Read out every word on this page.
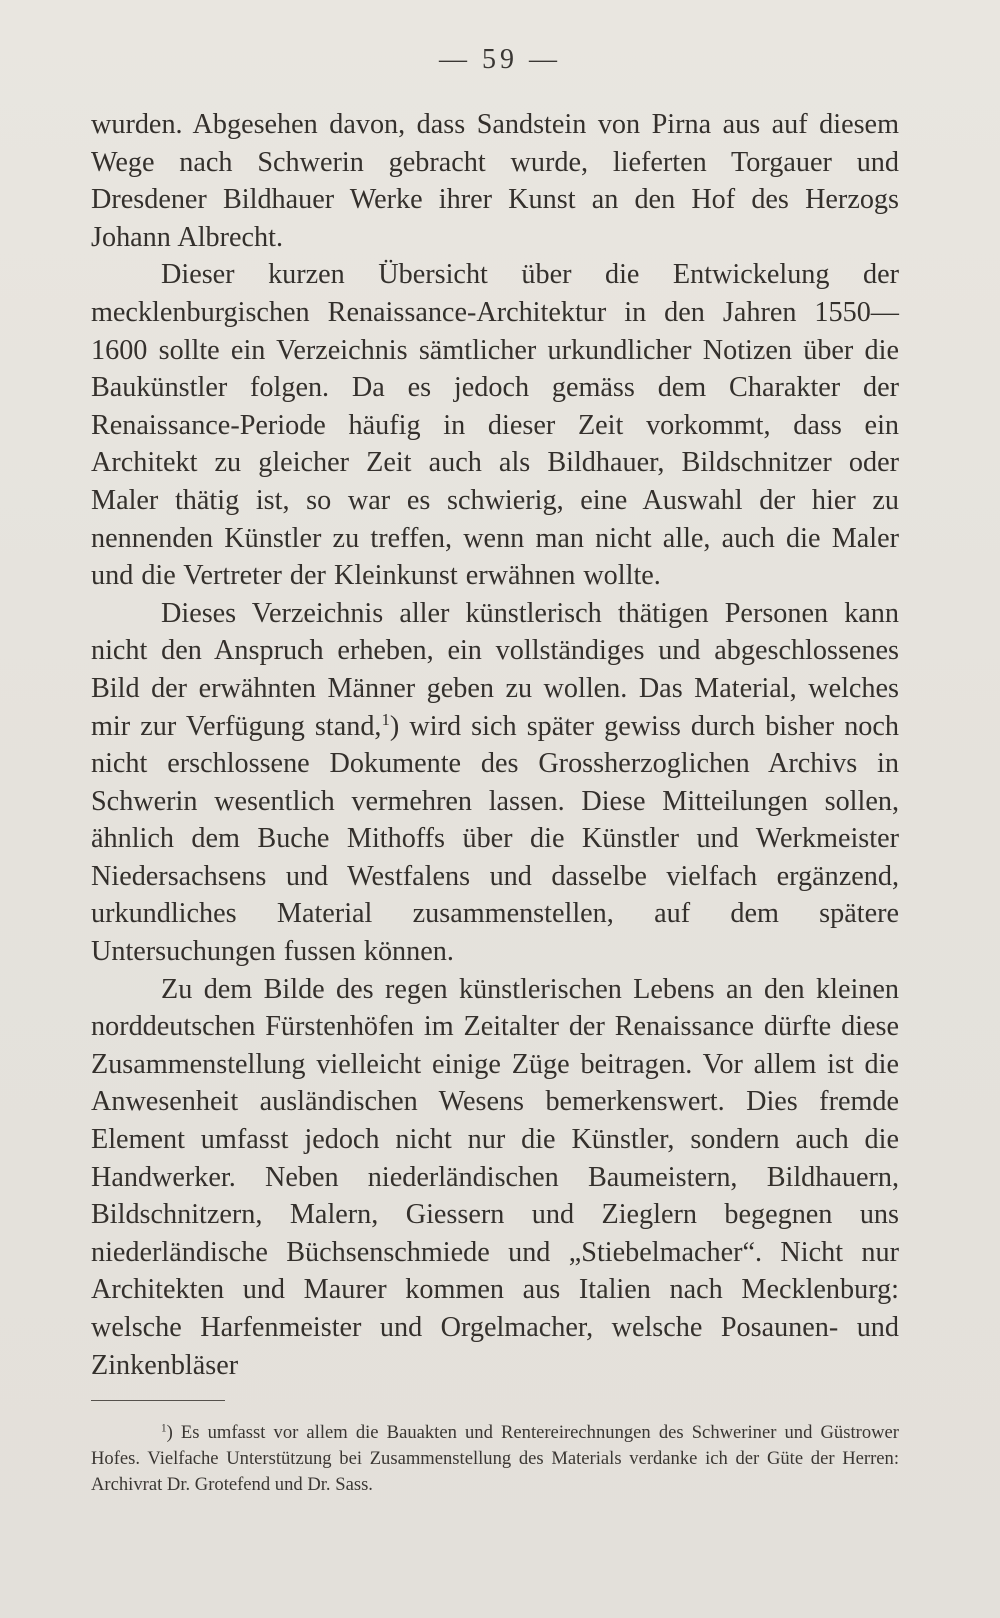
— 59 —

wurden. Abgesehen davon, dass Sandstein von Pirna aus auf diesem Wege nach Schwerin gebracht wurde, lieferten Torgauer und Dresdener Bildhauer Werke ihrer Kunst an den Hof des Herzogs Johann Albrecht.

Dieser kurzen Übersicht über die Entwickelung der mecklenburgischen Renaissance-Architektur in den Jahren 1550—1600 sollte ein Verzeichnis sämtlicher urkundlicher Notizen über die Baukünstler folgen. Da es jedoch gemäss dem Charakter der Renaissance-Periode häufig in dieser Zeit vorkommt, dass ein Architekt zu gleicher Zeit auch als Bildhauer, Bildschnitzer oder Maler thätig ist, so war es schwierig, eine Auswahl der hier zu nennenden Künstler zu treffen, wenn man nicht alle, auch die Maler und die Vertreter der Kleinkunst erwähnen wollte.

Dieses Verzeichnis aller künstlerisch thätigen Personen kann nicht den Anspruch erheben, ein vollständiges und abgeschlossenes Bild der erwähnten Männer geben zu wollen. Das Material, welches mir zur Verfügung stand,$^1$) wird sich später gewiss durch bisher noch nicht erschlossene Dokumente des Grossherzoglichen Archivs in Schwerin wesentlich vermehren lassen. Diese Mitteilungen sollen, ähnlich dem Buche Mithoffs über die Künstler und Werkmeister Niedersachsens und Westfalens und dasselbe vielfach ergänzend, urkundliches Material zusammenstellen, auf dem spätere Untersuchungen fussen können.

Zu dem Bilde des regen künstlerischen Lebens an den kleinen norddeutschen Fürstenhöfen im Zeitalter der Renaissance dürfte diese Zusammenstellung vielleicht einige Züge beitragen. Vor allem ist die Anwesenheit ausländischen Wesens bemerkenswert. Dies fremde Element umfasst jedoch nicht nur die Künstler, sondern auch die Handwerker. Neben niederländischen Baumeistern, Bildhauern, Bildschnitzern, Malern, Giessern und Zieglern begegnen uns niederländische Büchsenschmiede und „Stiebelmacher“. Nicht nur Architekten und Maurer kommen aus Italien nach Mecklenburg: welsche Harfenmeister und Orgelmacher, welsche Posaunen- und Zinkenbläser

$^1$) Es umfasst vor allem die Bauakten und Rentereirechnungen des Schweriner und Güstrower Hofes. Vielfache Unterstützung bei Zusammenstellung des Materials verdanke ich der Güte der Herren: Archivrat Dr. Grotefend und Dr. Sass.
